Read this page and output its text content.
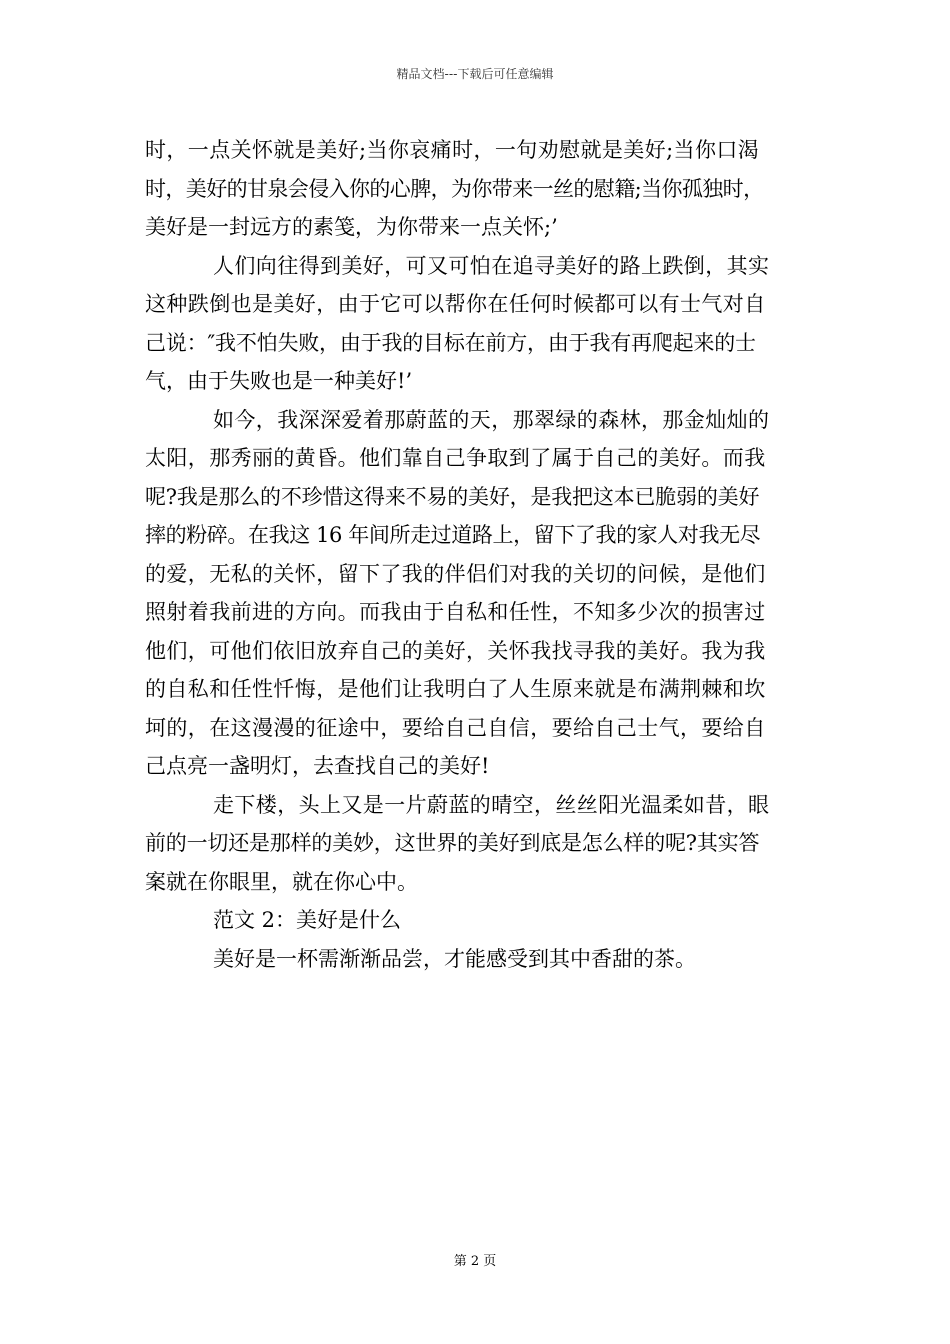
精品文档---下载后可任意编辑
时，一点关怀就是美好;当你哀痛时，一句劝慰就是美好;当你口渴
时，美好的甘泉会侵入你的心脾，为你带来一丝的慰籍;当你孤独时，
美好是一封远方的素笺，为你带来一点关怀;’
人们向往得到美好，可又可怕在追寻美好的路上跌倒，其实
这种跌倒也是美好，由于它可以帮你在任何时候都可以有士气对自
己说：″我不怕失败，由于我的目标在前方，由于我有再爬起来的士
气，由于失败也是一种美好!’
如今，我深深爱着那蔚蓝的天，那翠绿的森林，那金灿灿的
太阳，那秀丽的黄昏。他们靠自己争取到了属于自己的美好。而我
呢?我是那么的不珍惜这得来不易的美好，是我把这本已脆弱的美好
摔的粉碎。在我这 16 年间所走过道路上，留下了我的家人对我无尽
的爱，无私的关怀，留下了我的伴侣们对我的关切的问候，是他们
照射着我前进的方向。而我由于自私和任性，不知多少次的损害过
他们，可他们依旧放弃自己的美好，关怀我找寻我的美好。我为我
的自私和任性忏悔，是他们让我明白了人生原来就是布满荆棘和坎
坷的，在这漫漫的征途中，要给自己自信，要给自己士气，要给自
己点亮一盏明灯，去查找自己的美好!
走下楼，头上又是一片蔚蓝的晴空，丝丝阳光温柔如昔，眼
前的一切还是那样的美妙，这世界的美好到底是怎么样的呢?其实答
案就在你眼里，就在你心中。
范文 2：美好是什么
美好是一杯需渐渐品尝，才能感受到其中香甜的茶。
第 2 页
